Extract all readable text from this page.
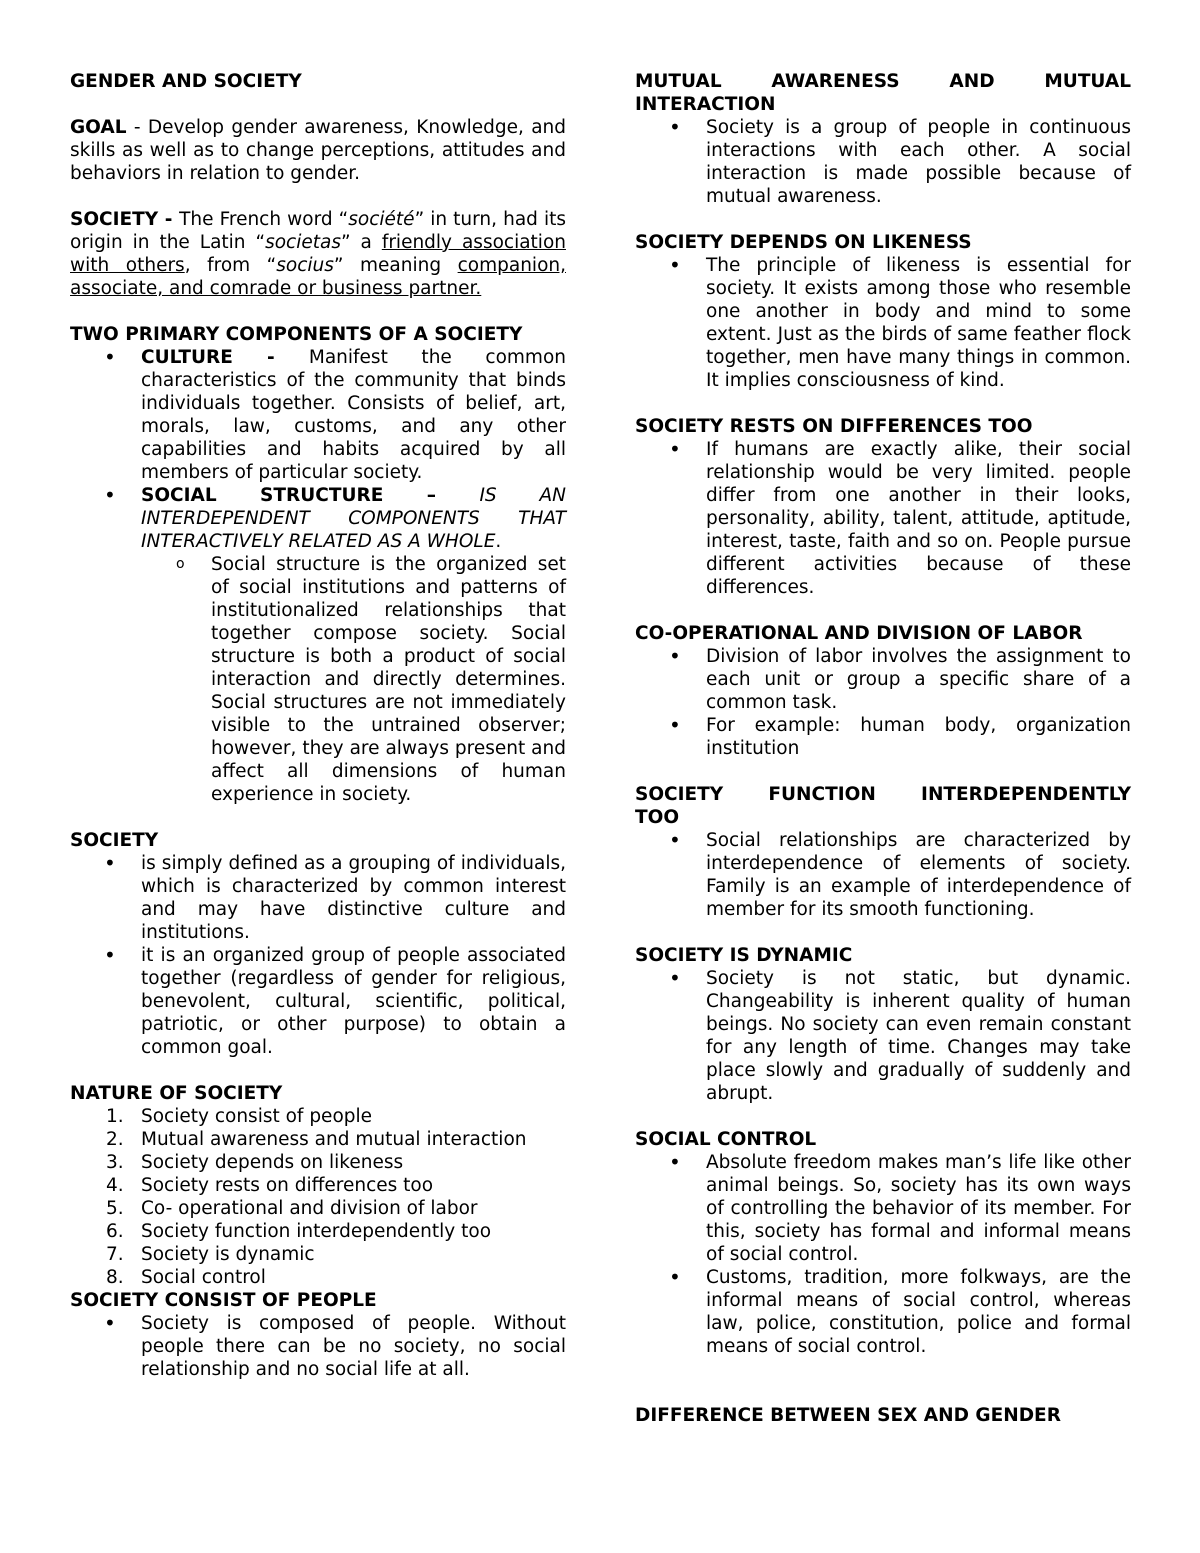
GENDER AND SOCIETY

GOAL - Develop gender awareness, Knowledge, and skills as well as to change perceptions, attitudes and behaviors in relation to gender.

SOCIETY - The French word “société” in turn, had its origin in the Latin “societas” a friendly association with others, from “socius” meaning companion, associate, and comrade or business partner.

TWO PRIMARY COMPONENTS OF A SOCIETY
• CULTURE - Manifest the common characteristics of the community that binds individuals together. Consists of belief, art, morals, law, customs, and any other capabilities and habits acquired by all members of particular society.
• SOCIAL STRUCTURE – IS AN INTERDEPENDENT COMPONENTS THAT INTERACTIVELY RELATED AS A WHOLE.
o Social structure is the organized set of social institutions and patterns of institutionalized relationships that together compose society. Social structure is both a product of social interaction and directly determines. Social structures are not immediately visible to the untrained observer; however, they are always present and affect all dimensions of human experience in society.
SOCIETY
• is simply defined as a grouping of individuals, which is characterized by common interest and may have distinctive culture and institutions.
• it is an organized group of people associated together (regardless of gender for religious, benevolent, cultural, scientific, political, patriotic, or other purpose) to obtain a common goal.
NATURE OF SOCIETY
1. Society consist of people
2. Mutual awareness and mutual interaction
3. Society depends on likeness
4. Society rests on differences too
5. Co- operational and division of labor
6. Society function interdependently too
7. Society is dynamic
8. Social control
SOCIETY CONSIST OF PEOPLE
• Society is composed of people. Without people there can be no society, no social relationship and no social life at all.
MUTUAL AWARENESS AND MUTUAL
INTERACTION
• Society is a group of people in continuous interactions with each other. A social interaction is made possible because of mutual awareness.
SOCIETY DEPENDS ON LIKENESS
• The principle of likeness is essential for society. It exists among those who resemble one another in body and mind to some extent. Just as the birds of same feather flock together, men have many things in common. It implies consciousness of kind.
SOCIETY RESTS ON DIFFERENCES TOO
• If humans are exactly alike, their social relationship would be very limited. people differ from one another in their looks, personality, ability, talent, attitude, aptitude, interest, taste, faith and so on. People pursue different activities because of these differences.
CO-OPERATIONAL AND DIVISION OF LABOR
• Division of labor involves the assignment to each unit or group a specific share of a common task.
• For example: human body, organization institution
SOCIETY FUNCTION INTERDEPENDENTLY
TOO
• Social relationships are characterized by interdependence of elements of society. Family is an example of interdependence of member for its smooth functioning.
SOCIETY IS DYNAMIC
• Society is not static, but dynamic. Changeability is inherent quality of human beings. No society can even remain constant for any length of time. Changes may take place slowly and gradually of suddenly and abrupt.
SOCIAL CONTROL
• Absolute freedom makes man’s life like other animal beings. So, society has its own ways of controlling the behavior of its member. For this, society has formal and informal means of social control.
• Customs, tradition, more folkways, are the informal means of social control, whereas law, police, constitution, police and formal means of social control.
DIFFERENCE BETWEEN SEX AND GENDER
